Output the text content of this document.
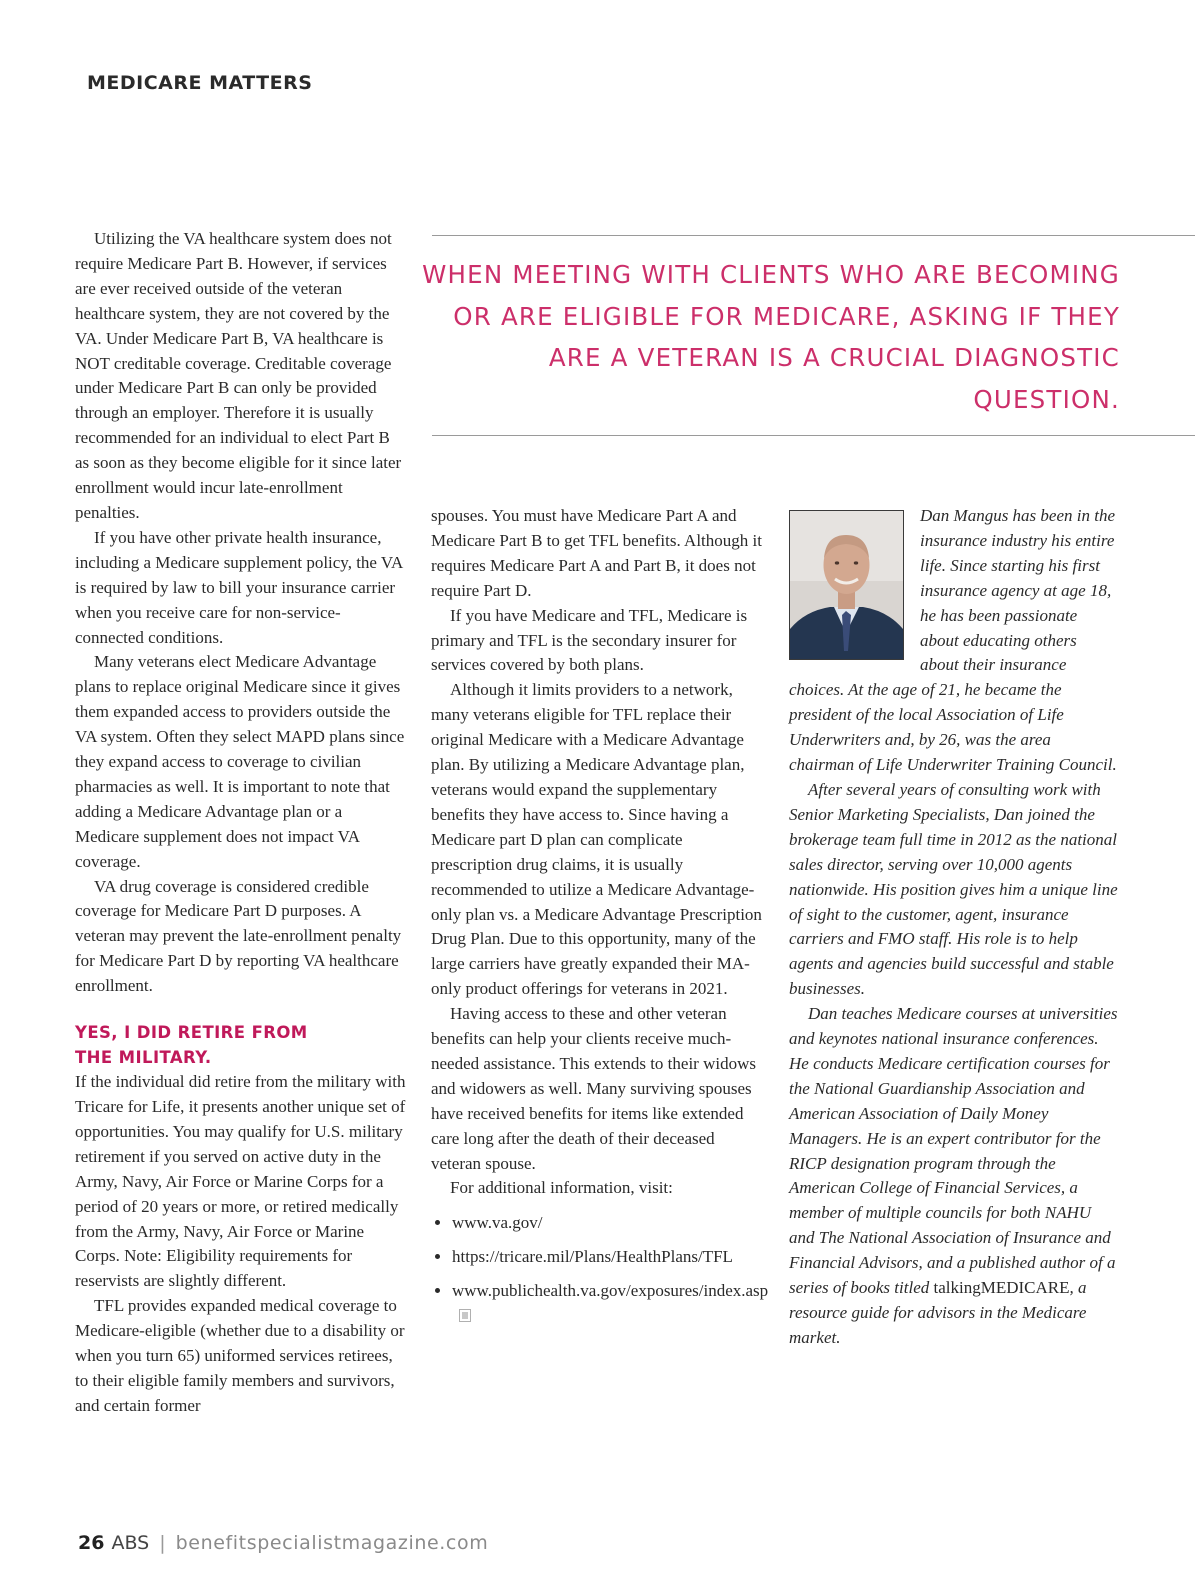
MEDICARE MATTERS

WHEN MEETING WITH CLIENTS WHO ARE BECOMING OR ARE ELIGIBLE FOR MEDICARE, ASKING IF THEY ARE A VETERAN IS A CRUCIAL DIAGNOSTIC QUESTION.

Utilizing the VA healthcare system does not require Medicare Part B. However, if services are ever received outside of the veteran healthcare system, they are not covered by the VA. Under Medicare Part B, VA healthcare is NOT creditable coverage. Creditable coverage under Medicare Part B can only be provided through an employer. Therefore it is usually recommended for an individual to elect Part B as soon as they become eligible for it since later enrollment would incur late-enrollment penalties.

If you have other private health insurance, including a Medicare supplement policy, the VA is required by law to bill your insurance carrier when you receive care for non-service-connected conditions.

Many veterans elect Medicare Advantage plans to replace original Medicare since it gives them expanded access to providers outside the VA system. Often they select MAPD plans since they expand access to coverage to civilian pharmacies as well. It is important to note that adding a Medicare Advantage plan or a Medicare supplement does not impact VA coverage.

VA drug coverage is considered credible coverage for Medicare Part D purposes. A veteran may prevent the late-enrollment penalty for Medicare Part D by reporting VA healthcare enrollment.

YES, I DID RETIRE FROM
THE MILITARY.

If the individual did retire from the military with Tricare for Life, it presents another unique set of opportunities. You may qualify for U.S. military retirement if you served on active duty in the Army, Navy, Air Force or Marine Corps for a period of 20 years or more, or retired medically from the Army, Navy, Air Force or Marine Corps. Note: Eligibility requirements for reservists are slightly different.

TFL provides expanded medical coverage to Medicare-eligible (whether due to a disability or when you turn 65) uniformed services retirees, to their eligible family members and survivors, and certain former

spouses. You must have Medicare Part A and Medicare Part B to get TFL benefits. Although it requires Medicare Part A and Part B, it does not require Part D.

If you have Medicare and TFL, Medicare is primary and TFL is the secondary insurer for services covered by both plans.

Although it limits providers to a network, many veterans eligible for TFL replace their original Medicare with a Medicare Advantage plan. By utilizing a Medicare Advantage plan, veterans would expand the supplementary benefits they have access to. Since having a Medicare part D plan can complicate prescription drug claims, it is usually recommended to utilize a Medicare Advantage-only plan vs. a Medicare Advantage Prescription Drug Plan. Due to this opportunity, many of the large carriers have greatly expanded their MA-only product offerings for veterans in 2021.

Having access to these and other veteran benefits can help your clients receive much-needed assistance. This extends to their widows and widowers as well. Many surviving spouses have received benefits for items like extended care long after the death of their deceased veteran spouse.

For additional information, visit:

• www.va.gov/
• https://tricare.mil/Plans/HealthPlans/TFL
• www.publichealth.va.gov/exposures/index.asp

Dan Mangus has been in the insurance industry his entire life. Since starting his first insurance agency at age 18, he has been passionate about educating others about their insurance choices. At the age of 21, he became the president of the local Association of Life Underwriters and, by 26, was the area chairman of Life Underwriter Training Council.

After several years of consulting work with Senior Marketing Specialists, Dan joined the brokerage team full time in 2012 as the national sales director, serving over 10,000 agents nationwide. His position gives him a unique line of sight to the customer, agent, insurance carriers and FMO staff. His role is to help agents and agencies build successful and stable businesses.

Dan teaches Medicare courses at universities and keynotes national insurance conferences. He conducts Medicare certification courses for the National Guardianship Association and American Association of Daily Money Managers. He is an expert contributor for the RICP designation program through the American College of Financial Services, a member of multiple councils for both NAHU and The National Association of Insurance and Financial Advisors, and a published author of a series of books titled talkingMEDICARE, a resource guide for advisors in the Medicare market.

26 ABS | benefitspecialistmagazine.com
